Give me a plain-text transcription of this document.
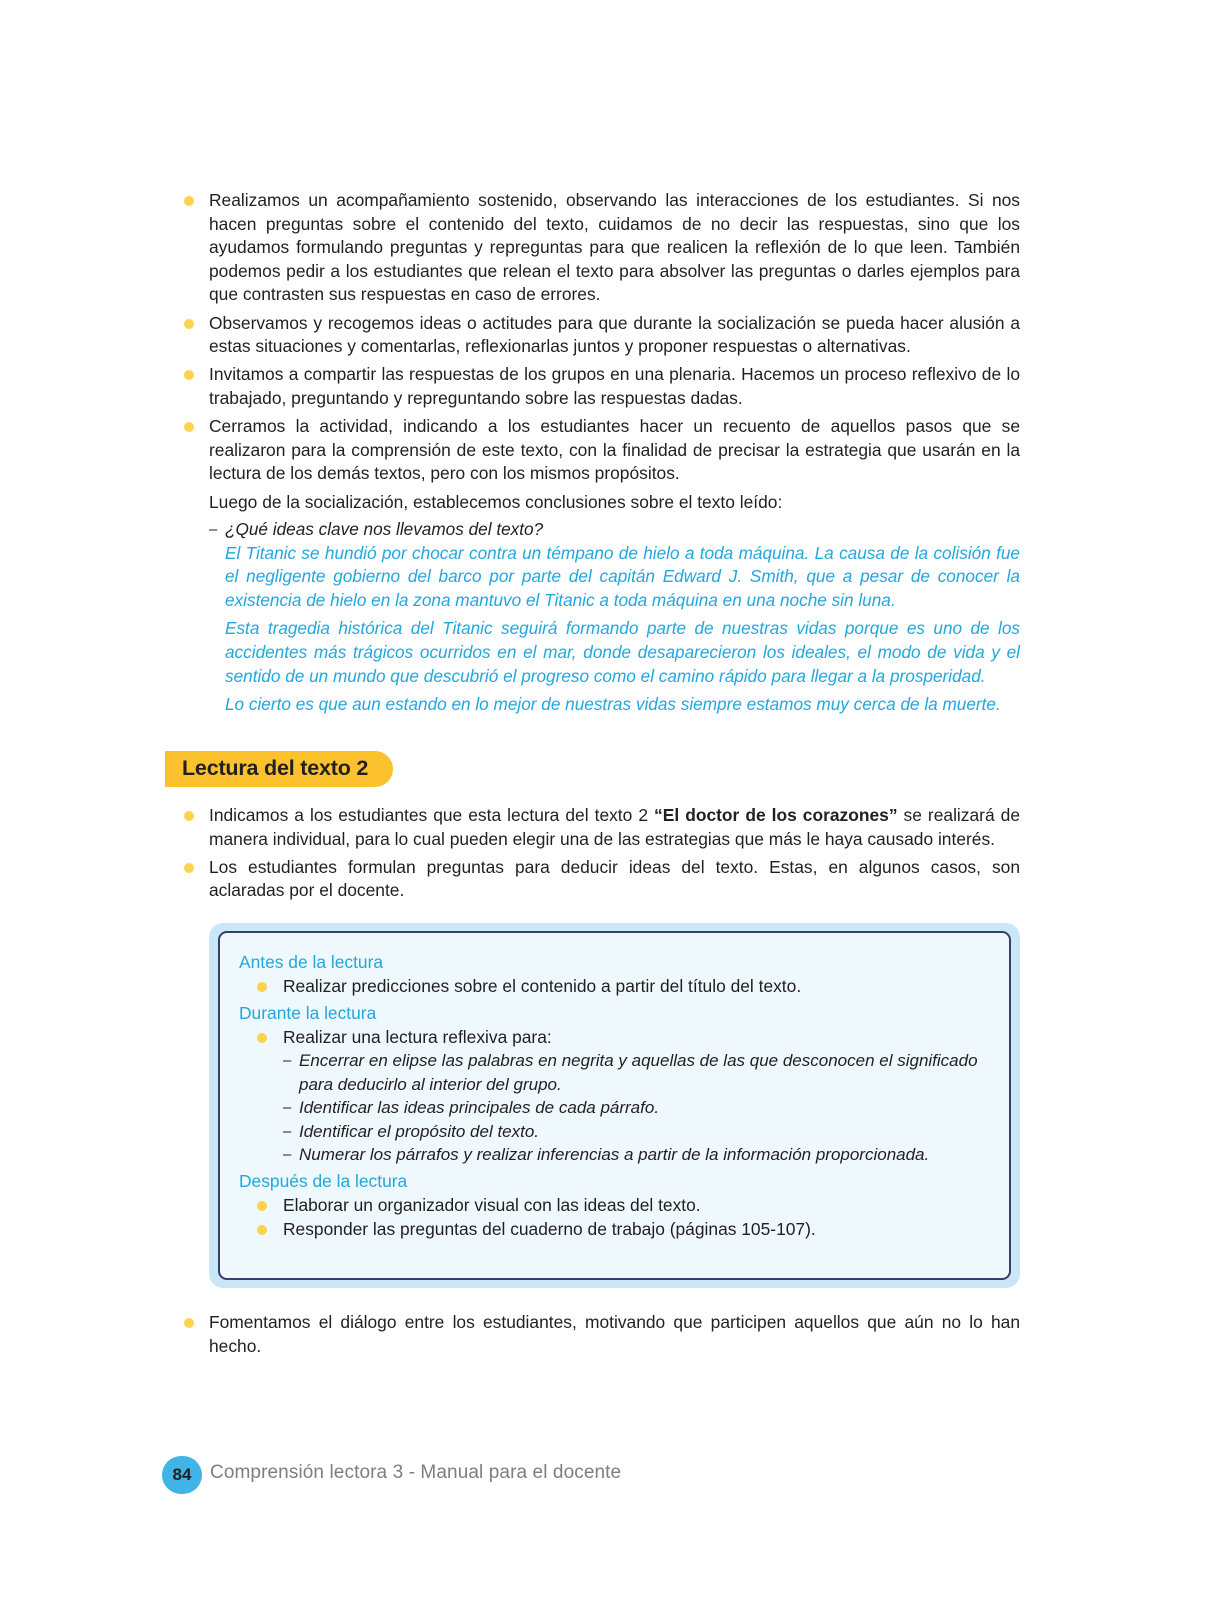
Realizamos un acompañamiento sostenido, observando las interacciones de los estudiantes. Si nos hacen preguntas sobre el contenido del texto, cuidamos de no decir las respuestas, sino que los ayudamos formulando preguntas y repreguntas para que realicen la reflexión de lo que leen. También podemos pedir a los estudiantes que relean el texto para absolver las preguntas o darles ejemplos para que contrasten sus respuestas en caso de errores.
Observamos y recogemos ideas o actitudes para que durante la socialización se pueda hacer alusión a estas situaciones y comentarlas, reflexionarlas juntos y proponer respuestas o alternativas.
Invitamos a compartir las respuestas de los grupos en una plenaria. Hacemos un proceso reflexivo de lo trabajado, preguntando y repreguntando sobre las respuestas dadas.
Cerramos la actividad, indicando a los estudiantes hacer un recuento de aquellos pasos que se realizaron para la comprensión de este texto, con la finalidad de precisar la estrategia que usarán en la lectura de los demás textos, pero con los mismos propósitos.
Luego de la socialización, establecemos conclusiones sobre el texto leído:
– ¿Qué ideas clave nos llevamos del texto?
El Titanic se hundió por chocar contra un témpano de hielo a toda máquina. La causa de la colisión fue el negligente gobierno del barco por parte del capitán Edward J. Smith, que a pesar de conocer la existencia de hielo en la zona mantuvo el Titanic a toda máquina en una noche sin luna.
Esta tragedia histórica del Titanic seguirá formando parte de nuestras vidas porque es uno de los accidentes más trágicos ocurridos en el mar, donde desaparecieron los ideales, el modo de vida y el sentido de un mundo que descubrió el progreso como el camino rápido para llegar a la prosperidad.
Lo cierto es que aun estando en lo mejor de nuestras vidas siempre estamos muy cerca de la muerte.
Lectura del texto 2
Indicamos a los estudiantes que esta lectura del texto 2 “El doctor de los corazones” se realizará de manera individual, para lo cual pueden elegir una de las estrategias que más le haya causado interés.
Los estudiantes formulan preguntas para deducir ideas del texto. Estas, en algunos casos, son aclaradas por el docente.
Antes de la lectura
Realizar predicciones sobre el contenido a partir del título del texto.
Durante la lectura
Realizar una lectura reflexiva para:
– Encerrar en elipse las palabras en negrita y aquellas de las que desconocen el significado para deducirlo al interior del grupo.
– Identificar las ideas principales de cada párrafo.
– Identificar el propósito del texto.
– Numerar los párrafos y realizar inferencias a partir de la información proporcionada.
Después de la lectura
Elaborar un organizador visual con las ideas del texto.
Responder las preguntas del cuaderno de trabajo (páginas 105-107).
Fomentamos el diálogo entre los estudiantes, motivando que participen aquellos que aún no lo han hecho.
84 Comprensión lectora 3 - Manual para el docente
